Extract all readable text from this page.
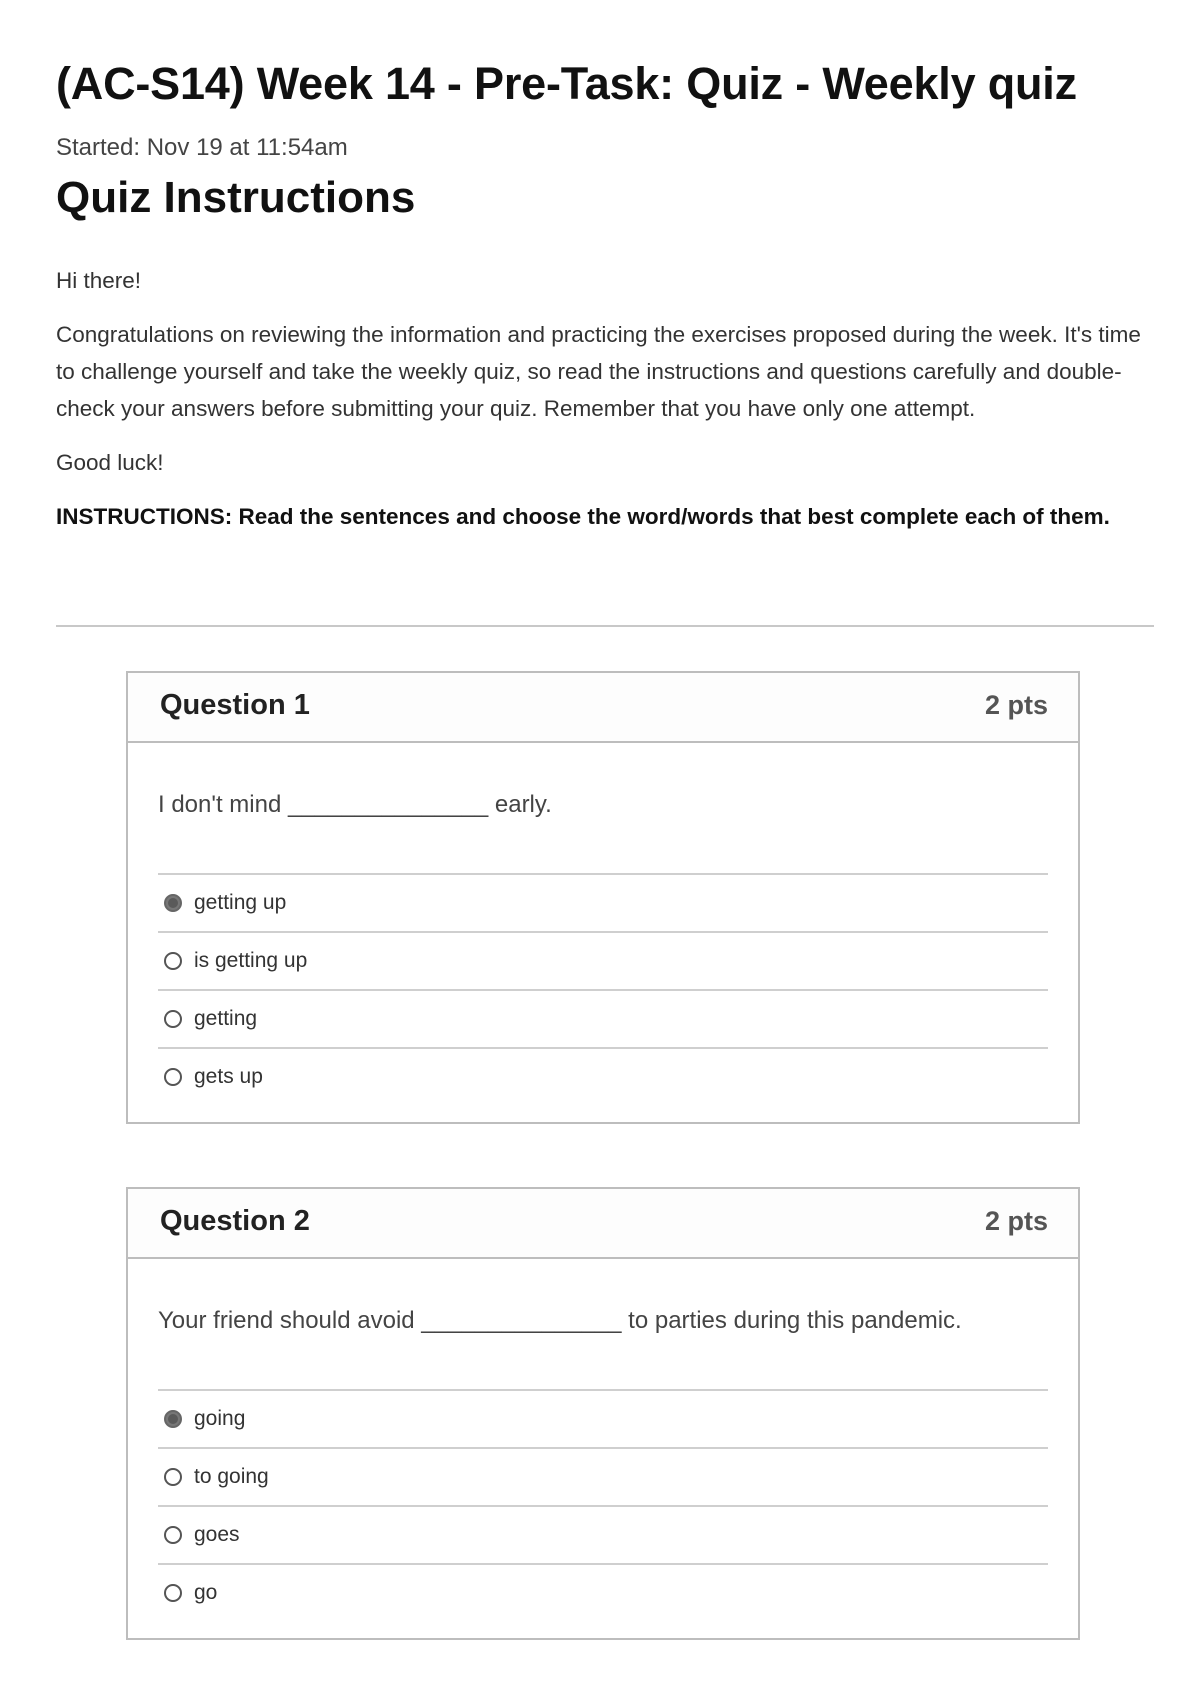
(AC-S14) Week 14 - Pre-Task: Quiz - Weekly quiz
Started: Nov 19 at 11:54am
Quiz Instructions

Hi there!

Congratulations on reviewing the information and practicing the exercises proposed during the week. It's time to challenge yourself and take the weekly quiz, so read the instructions and questions carefully and double-check your answers before submitting your quiz. Remember that you have only one attempt.

Good luck!

INSTRUCTIONS: Read the sentences and choose the word/words that best complete each of them.

Question 1	2 pts
I don't mind _______________ early.
getting up
is getting up
getting
gets up
Question 2	2 pts
Your friend should avoid _______________ to parties during this pandemic.
going
to going
goes
go
